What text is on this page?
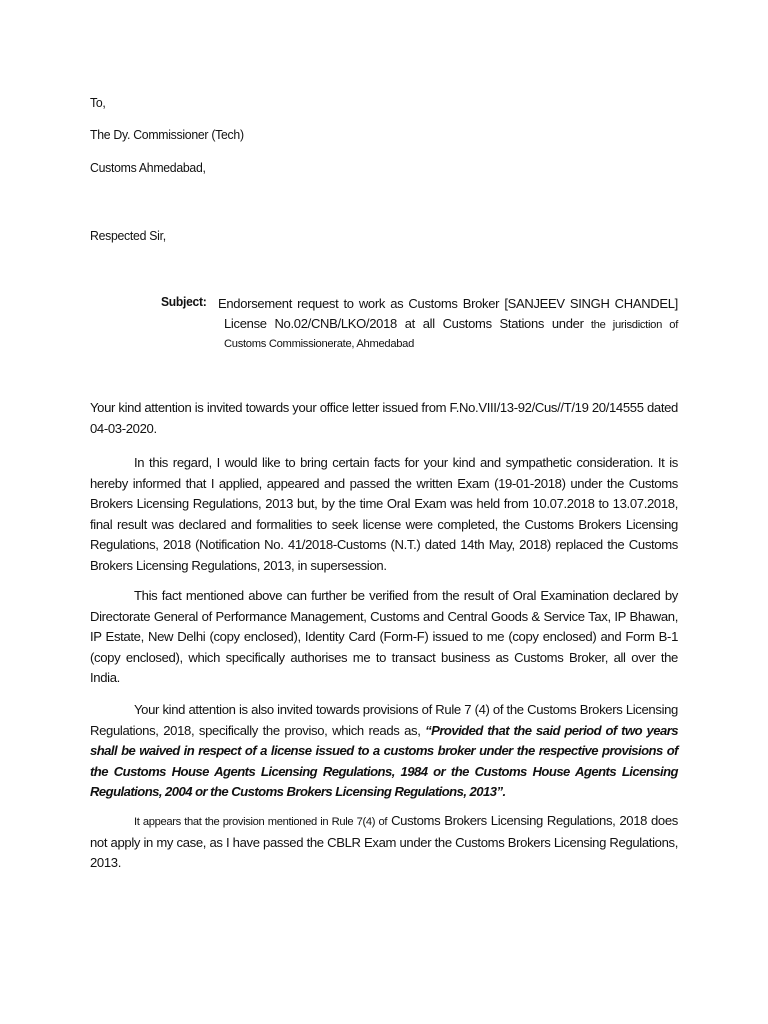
To,
The Dy. Commissioner (Tech)
Customs Ahmedabad,
Respected Sir,
Subject: Endorsement request to work as Customs Broker [SANJEEV SINGH CHANDEL]
License No.02/CNB/LKO/2018 at all Customs Stations under the jurisdiction of
Customs Commissionerate, Ahmedabad
Your kind attention is invited towards your office letter issued from F.No.VIII/13-92/Cus//T/19 20/14555 dated 04-03-2020.
In this regard, I would like to bring certain facts for your kind and sympathetic consideration. It is hereby informed that I applied, appeared and passed the written Exam (19-01-2018) under the Customs Brokers Licensing Regulations, 2013 but, by the time Oral Exam was held from 10.07.2018 to 13.07.2018, final result was declared and formalities to seek license were completed, the Customs Brokers Licensing Regulations, 2018 (Notification No. 41/2018-Customs (N.T.) dated 14th May, 2018) replaced the Customs Brokers Licensing Regulations, 2013, in supersession.
This fact mentioned above can further be verified from the result of Oral Examination declared by Directorate General of Performance Management, Customs and Central Goods & Service Tax, IP Bhawan, IP Estate, New Delhi (copy enclosed), Identity Card (Form-F) issued to me (copy enclosed) and Form B-1 (copy enclosed), which specifically authorises me to transact business as Customs Broker, all over the India.
Your kind attention is also invited towards provisions of Rule 7 (4) of the Customs Brokers Licensing Regulations, 2018, specifically the proviso, which reads as, “Provided that the said period of two years shall be waived in respect of a license issued to a customs broker under the respective provisions of the Customs House Agents Licensing Regulations, 1984 or the Customs House Agents Licensing Regulations, 2004 or the Customs Brokers Licensing Regulations, 2013”.
It appears that the provision mentioned in Rule 7(4) of Customs Brokers Licensing Regulations, 2018 does not apply in my case, as I have passed the CBLR Exam under the Customs Brokers Licensing Regulations, 2013.
